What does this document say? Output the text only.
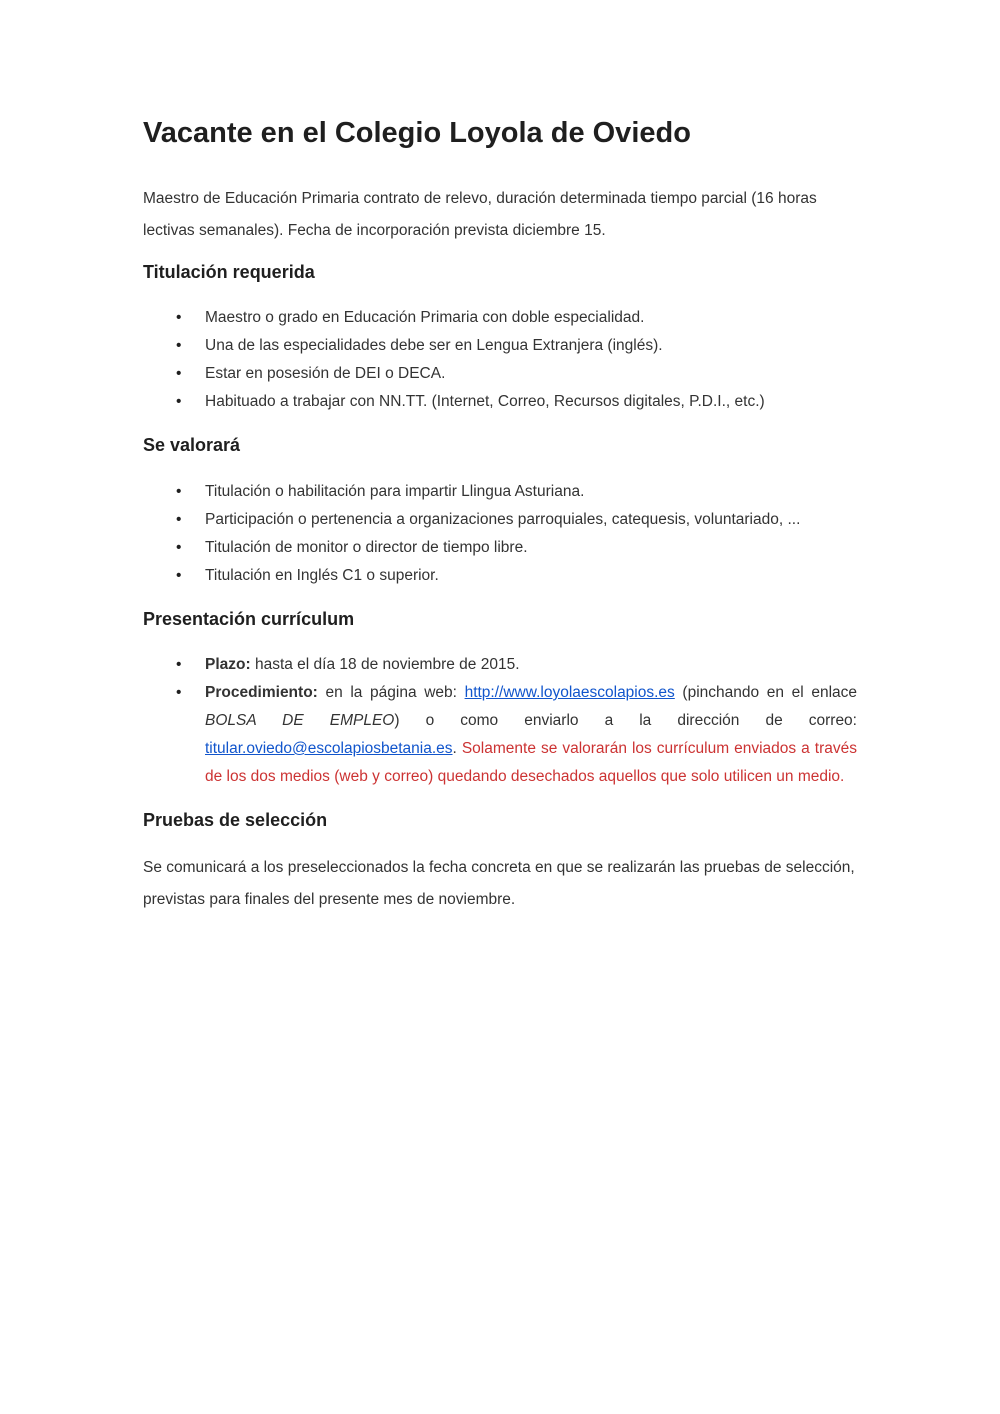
Vacante en el Colegio Loyola de Oviedo

Maestro de Educación Primaria contrato de relevo, duración determinada tiempo parcial (16 horas lectivas semanales). Fecha de incorporación prevista diciembre 15.

Titulación requerida
• Maestro o grado en Educación Primaria con doble especialidad.
• Una de las especialidades debe ser en Lengua Extranjera (inglés).
• Estar en posesión de DEI o DECA.
• Habituado a trabajar con NN.TT. (Internet, Correo, Recursos digitales, P.D.I., etc.)
Se valorará
• Titulación o habilitación para impartir Llingua Asturiana.
• Participación o pertenencia a organizaciones parroquiales, catequesis, voluntariado, ...
• Titulación de monitor o director de tiempo libre.
• Titulación en Inglés C1 o superior.
Presentación currículum
• Plazo: hasta el día 18 de noviembre de 2015.
• Procedimiento: en la página web: http://www.loyolaescolapios.es (pinchando en el enlace BOLSA DE EMPLEO) o como enviarlo a la dirección de correo: titular.oviedo@escolapiosbetania.es. Solamente se valorarán los currículum enviados a través de los dos medios (web y correo) quedando desechados aquellos que solo utilicen un medio.
Pruebas de selección

Se comunicará a los preseleccionados la fecha concreta en que se realizarán las pruebas de selección, previstas para finales del presente mes de noviembre.
